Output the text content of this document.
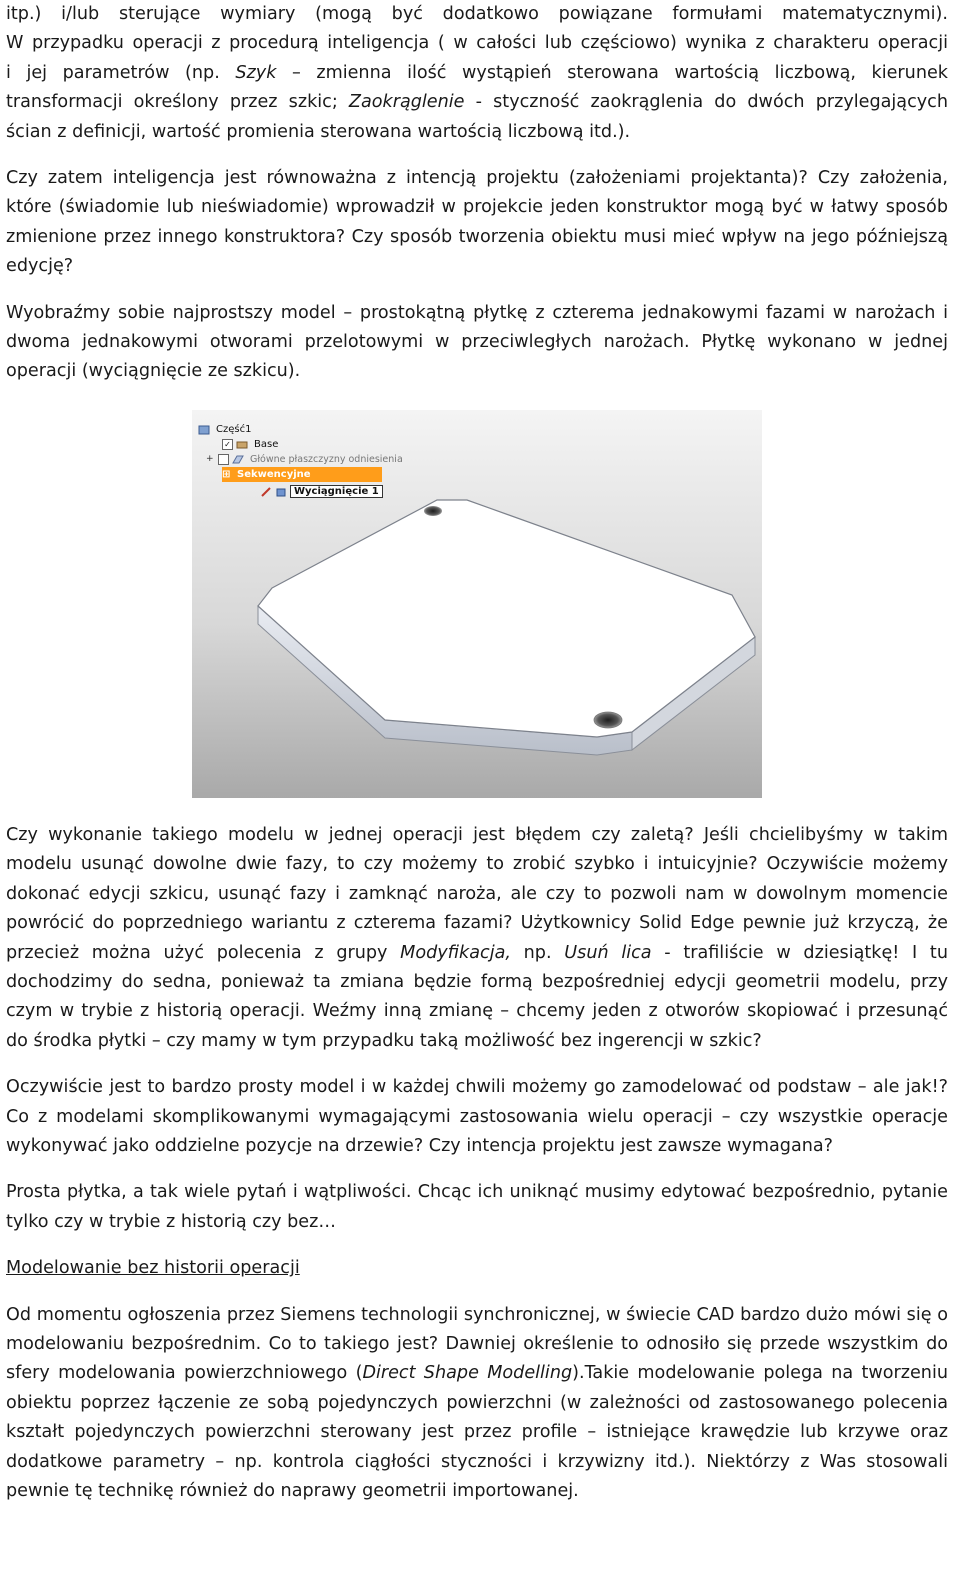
itp.) i/lub sterujące wymiary (mogą być dodatkowo powiązane formułami matematycznymi).
W przypadku operacji z procedurą inteligencja ( w całości lub częściowo) wynika z charakteru operacji
i jej parametrów (np. Szyk – zmienna ilość wystąpień sterowana wartością liczbową, kierunek
transformacji określony przez szkic; Zaokrąglenie - styczność zaokrąglenia do dwóch przylegających
ścian z definicji, wartość promienia sterowana wartością liczbową itd.).

Czy zatem inteligencja jest równoważna z intencją projektu (założeniami projektanta)? Czy założenia, które (świadomie lub nieświadomie) wprowadził w projekcie jeden konstruktor mogą być w łatwy sposób zmienione przez innego konstruktora? Czy sposób tworzenia obiektu musi mieć wpływ na jego późniejszą edycję?

Wyobraźmy sobie najprostszy model – prostokątną płytkę z czterema jednakowymi fazami w narożach i dwoma jednakowymi otworami przelotowymi w przeciwległych narożach. Płytkę wykonano w jednej operacji (wyciągnięcie ze szkicu).

Czy wykonanie takiego modelu w jednej operacji jest błędem czy zaletą? Jeśli chcielibyśmy w takim modelu usunąć dowolne dwie fazy, to czy możemy to zrobić szybko i intuicyjnie? Oczywiście możemy dokonać edycji szkicu, usunąć fazy i zamknąć naroża, ale czy to pozwoli nam w dowolnym momencie powrócić do poprzedniego wariantu z czterema fazami? Użytkownicy Solid Edge pewnie już krzyczą, że przecież można użyć polecenia z grupy Modyfikacja, np. Usuń lica - trafiliście w dziesiątkę! I tu dochodzimy do sedna, ponieważ ta zmiana będzie formą bezpośredniej edycji geometrii modelu, przy czym w trybie z historią operacji. Weźmy inną zmianę – chcemy jeden z otworów skopiować i przesunąć do środka płytki – czy mamy w tym przypadku taką możliwość bez ingerencji w szkic?

Oczywiście jest to bardzo prosty model i w każdej chwili możemy go zamodelować od podstaw – ale jak!? Co z modelami skomplikowanymi wymagającymi zastosowania wielu operacji – czy wszystkie operacje wykonywać jako oddzielne pozycje na drzewie? Czy intencja projektu jest zawsze wymagana?

Prosta płytka, a tak wiele pytań i wątpliwości. Chcąc ich uniknąć musimy edytować bezpośrednio, pytanie tylko czy w trybie z historią czy bez…

Modelowanie bez historii operacji

Od momentu ogłoszenia przez Siemens technologii synchronicznej, w świecie CAD bardzo dużo mówi się o modelowaniu bezpośrednim. Co to takiego jest? Dawniej określenie to odnosiło się przede wszystkim do sfery modelowania powierzchniowego (Direct Shape Modelling).Takie modelowanie polega na tworzeniu obiektu poprzez łączenie ze sobą pojedynczych powierzchni (w zależności od zastosowanego polecenia kształt pojedynczych powierzchni sterowany jest przez profile – istniejące krawędzie lub krzywe oraz dodatkowe parametry – np. kontrola ciągłości styczności i krzywizny itd.). Niektórzy z Was stosowali pewnie tę technikę również do naprawy geometrii importowanej.

Część1
✓	Base
+	Główne płaszczyzny odniesienia
⊞ Sekwencyjne
Wyciągnięcie 1
